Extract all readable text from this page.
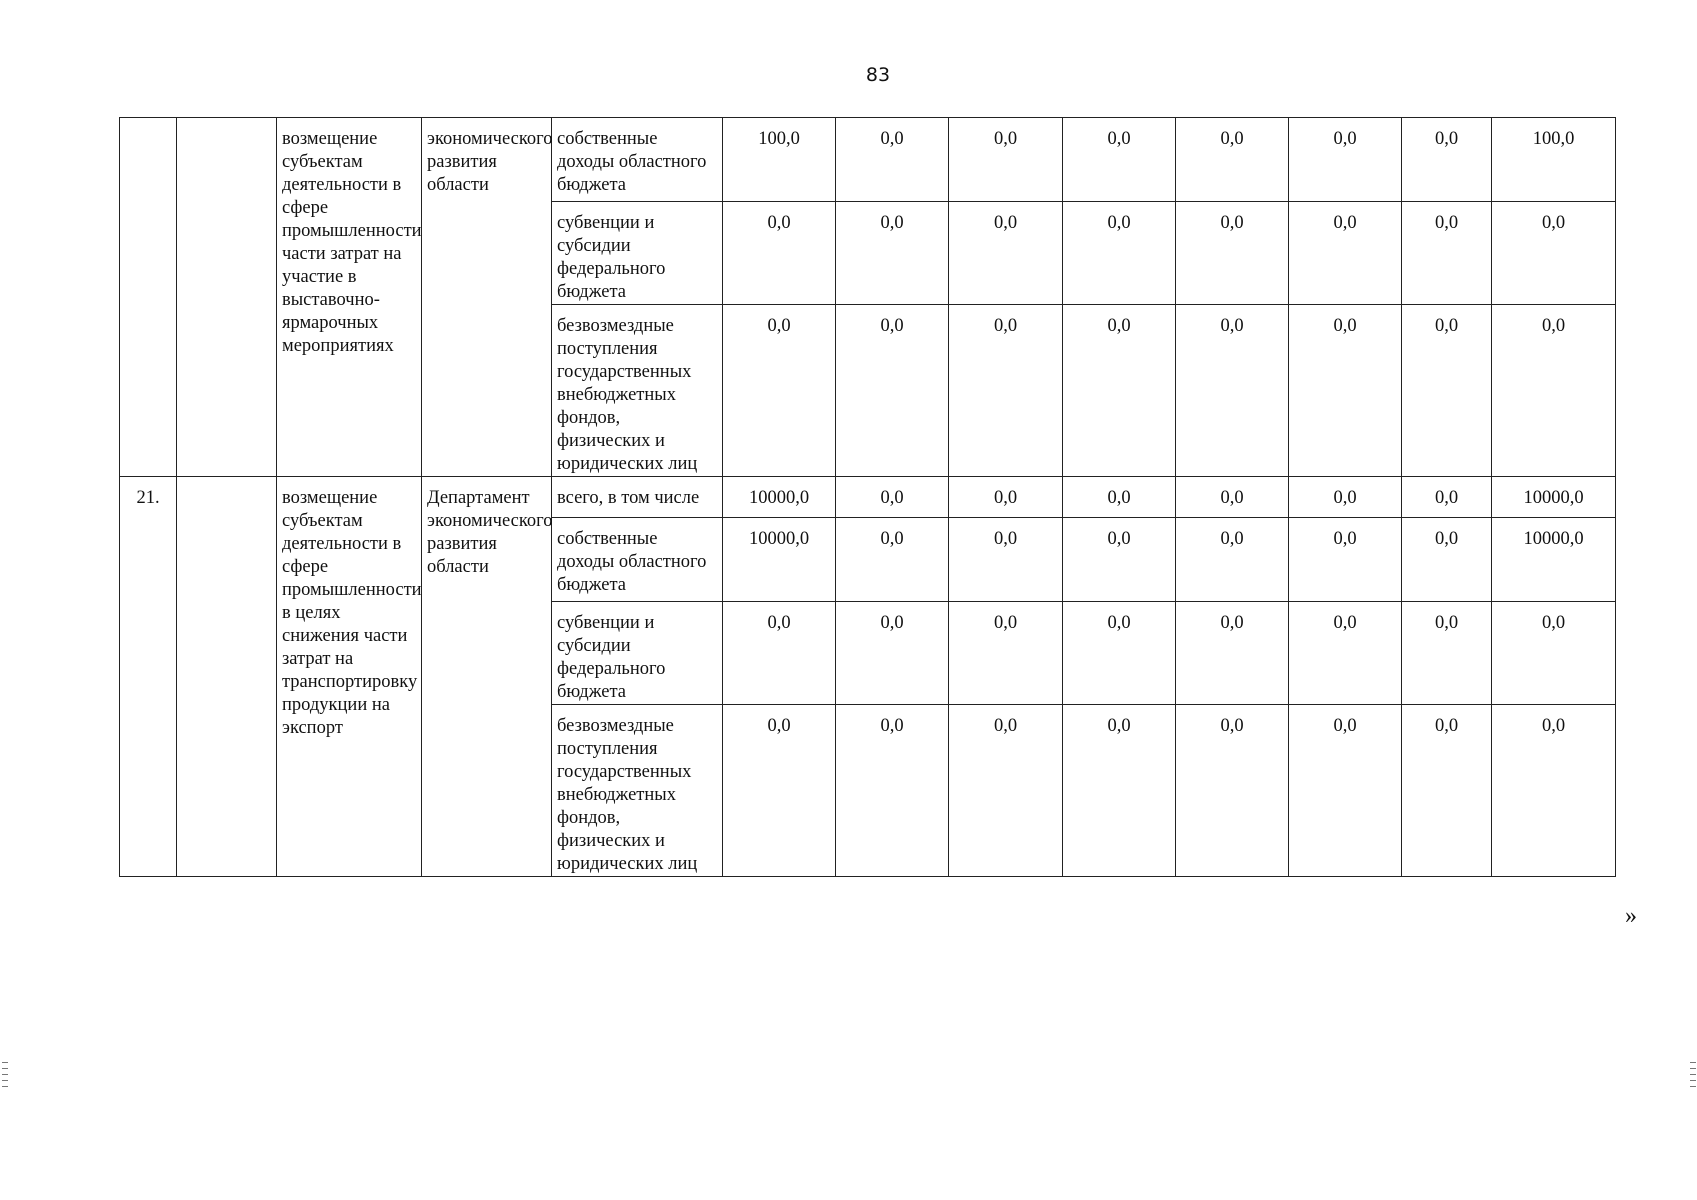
83

		возмещение субъектам деятельности в сфере промышленности части затрат на участие в выставочно-ярмарочных мероприятиях	экономического развития области	собственные доходы областного бюджета	100,0	0,0	0,0	0,0	0,0	0,0	0,0	100,0

				субвенции и субсидии федерального бюджета	0,0	0,0	0,0	0,0	0,0	0,0	0,0	0,0

				безвозмездные поступления государственных внебюджетных фондов, физических и юридических лиц	0,0	0,0	0,0	0,0	0,0	0,0	0,0	0,0

21.		возмещение субъектам деятельности в сфере промышленности в целях снижения части затрат на транспортировку продукции на экспорт	Департамент экономического развития области	всего, в том числе	10000,0	0,0	0,0	0,0	0,0	0,0	0,0	10000,0

				собственные доходы областного бюджета	10000,0	0,0	0,0	0,0	0,0	0,0	0,0	10000,0

				субвенции и субсидии федерального бюджета	0,0	0,0	0,0	0,0	0,0	0,0	0,0	0,0

				безвозмездные поступления государственных внебюджетных фондов, физических и юридических лиц	0,0	0,0	0,0	0,0	0,0	0,0	0,0	0,0
»
